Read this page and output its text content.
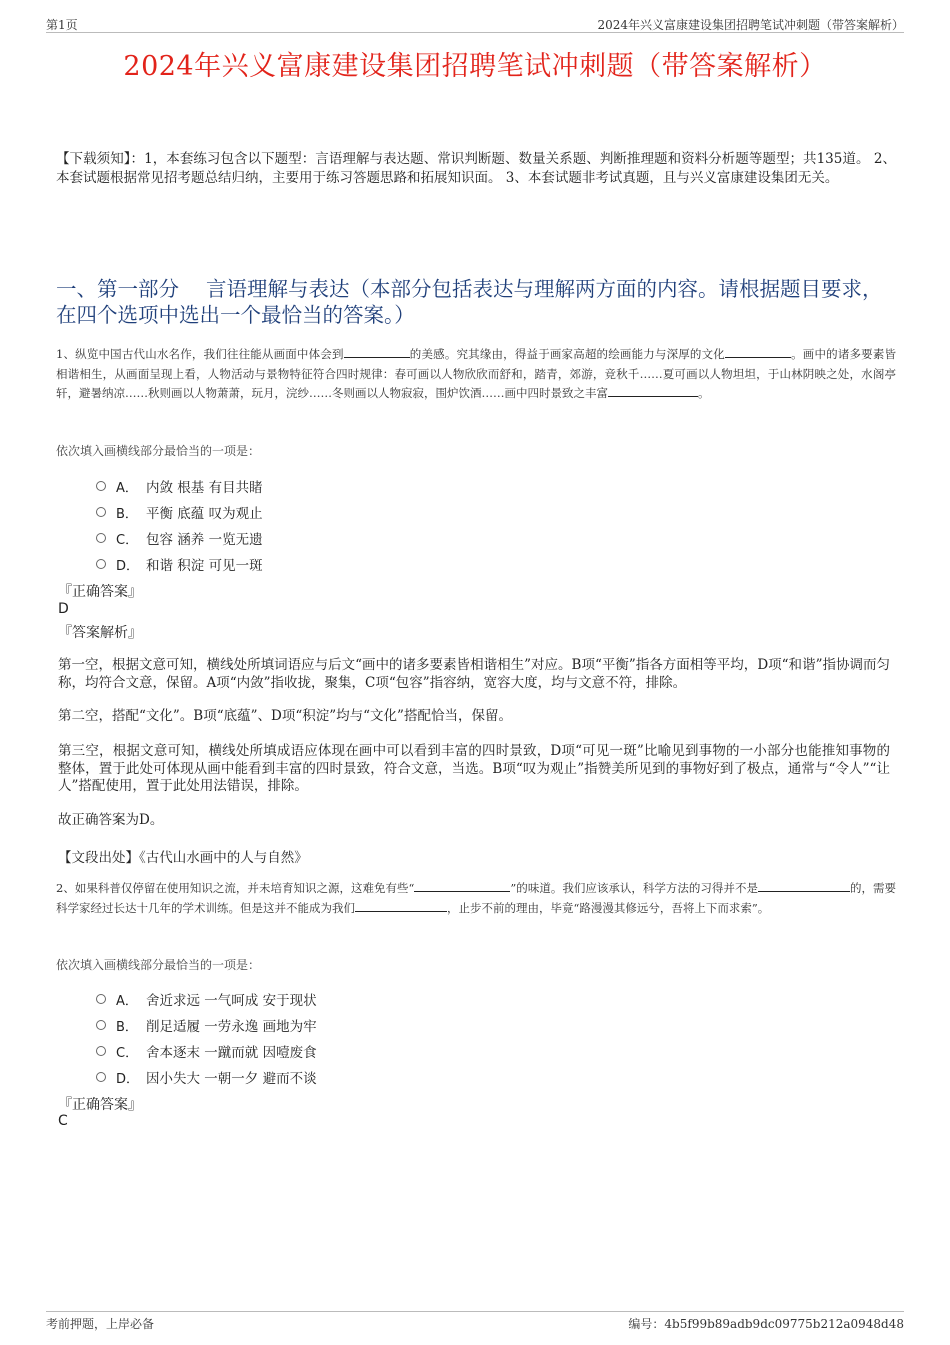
第1页	2024年兴义富康建设集团招聘笔试冲刺题（带答案解析）
2024年兴义富康建设集团招聘笔试冲刺题（带答案解析）
【下载须知】：1，本套练习包含以下题型：言语理解与表达题、常识判断题、数量关系题、判断推理题和资料分析题等题型；共135道。 2、本套试题根据常见招考题总结归纳，主要用于练习答题思路和拓展知识面。 3、本套试题非考试真题，且与兴义富康建设集团无关。
一、第一部分　 言语理解与表达（本部分包括表达与理解两方面的内容。请根据题目要求，在四个选项中选出一个最恰当的答案。）
1、纵览中国古代山水名作，我们往往能从画面中体会到	的美感。究其缘由，得益于画家高超的绘画能力与深厚的文化	。画中的诸多要素皆相谐相生，从画面呈现上看，人物活动与景物特征符合四时规律：春可画以人物欣欣而舒和，踏青，郊游，竞秋千……夏可画以人物坦坦，于山林阴映之处，水阁亭轩，避暑纳凉……秋则画以人物萧萧，玩月，浣纱……冬则画以人物寂寂，围炉饮酒……画中四时景致之丰富	。
依次填入画横线部分最恰当的一项是：
A． 内敛 根基 有目共睹
B． 平衡 底蕴 叹为观止
C． 包容 涵养 一览无遗
D． 和谐 积淀 可见一斑
『正确答案』
D
『答案解析』
第一空，根据文意可知，横线处所填词语应与后文“画中的诸多要素皆相谐相生”对应。B项“平衡”指各方面相等平均，D项“和谐”指协调而匀称，均符合文意，保留。A项“内敛”指收拢，聚集，C项“包容”指容纳，宽容大度，均与文意不符，排除。
第二空，搭配“文化”。B项“底蕴”、D项“积淀”均与“文化”搭配恰当，保留。
第三空，根据文意可知，横线处所填成语应体现在画中可以看到丰富的四时景致，D项“可见一斑”比喻见到事物的一小部分也能推知事物的整体，置于此处可体现从画中能看到丰富的四时景致，符合文意，当选。B项“叹为观止”指赞美所见到的事物好到了极点，通常与“令人”“让人”搭配使用，置于此处用法错误，排除。
故正确答案为D。
【文段出处】《古代山水画中的人与自然》
2、如果科普仅停留在使用知识之流，并未培育知识之源，这难免有些“	”的味道。我们应该承认，科学方法的习得并不是	的，需要科学家经过长达十几年的学术训练。但是这并不能成为我们	，止步不前的理由，毕竟“路漫漫其修远兮，吾将上下而求索”。
依次填入画横线部分最恰当的一项是：
A． 舍近求远 一气呵成 安于现状
B． 削足适履 一劳永逸 画地为牢
C． 舍本逐末 一蹴而就 因噎废食
D． 因小失大 一朝一夕 避而不谈
『正确答案』
C
考前押题，上岸必备	编号：4b5f99b89adb9dc09775b212a0948d48
